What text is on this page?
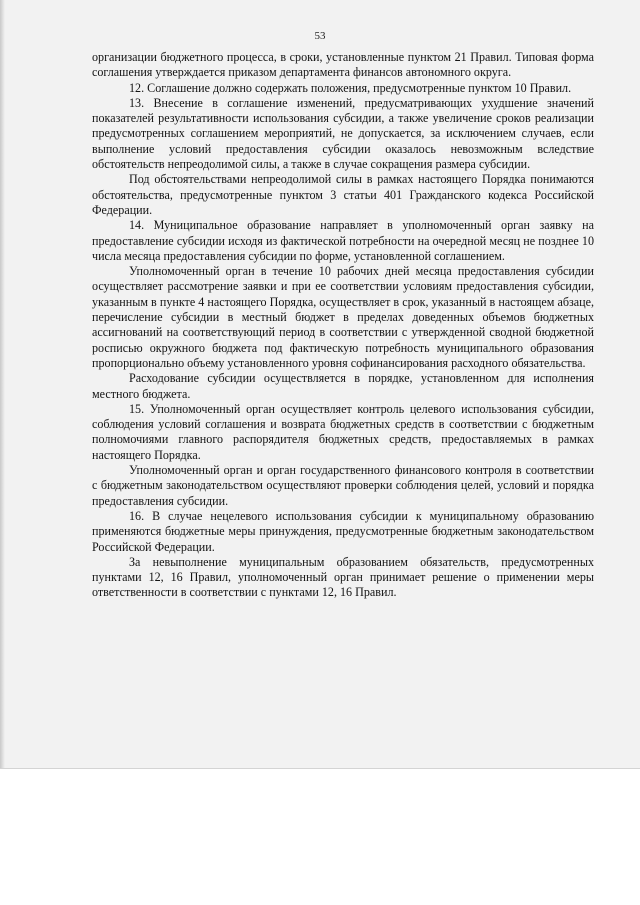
53

организации бюджетного процесса, в сроки, установленные пунктом 21 Правил. Типовая форма соглашения утверждается приказом департамента финансов автономного округа.

12. Соглашение должно содержать положения, предусмотренные пунктом 10 Правил.

13. Внесение в соглашение изменений, предусматривающих ухудшение значений показателей результативности использования субсидии, а также увеличение сроков реализации предусмотренных соглашением мероприятий, не допускается, за исключением случаев, если выполнение условий предоставления субсидии оказалось невозможным вследствие обстоятельств непреодолимой силы, а также в случае сокращения размера субсидии.

Под обстоятельствами непреодолимой силы в рамках настоящего Порядка понимаются обстоятельства, предусмотренные пунктом 3 статьи 401 Гражданского кодекса Российской Федерации.

14. Муниципальное образование направляет в уполномоченный орган заявку на предоставление субсидии исходя из фактической потребности на очередной месяц не позднее 10 числа месяца предоставления субсидии по форме, установленной соглашением.

Уполномоченный орган в течение 10 рабочих дней месяца предоставления субсидии осуществляет рассмотрение заявки и при ее соответствии условиям предоставления субсидии, указанным в пункте 4 настоящего Порядка, осуществляет в срок, указанный в настоящем абзаце, перечисление субсидии в местный бюджет в пределах доведенных объемов бюджетных ассигнований на соответствующий период в соответствии с утвержденной сводной бюджетной росписью окружного бюджета под фактическую потребность муниципального образования пропорционально объему установленного уровня софинансирования расходного обязательства.

Расходование субсидии осуществляется в порядке, установленном для исполнения местного бюджета.

15. Уполномоченный орган осуществляет контроль целевого использования субсидии, соблюдения условий соглашения и возврата бюджетных средств в соответствии с бюджетным полномочиями главного распорядителя бюджетных средств, предоставляемых в рамках настоящего Порядка.

Уполномоченный орган и орган государственного финансового контроля в соответствии с бюджетным законодательством осуществляют проверки соблюдения целей, условий и порядка предоставления субсидии.

16. В случае нецелевого использования субсидии к муниципальному образованию применяются бюджетные меры принуждения, предусмотренные бюджетным законодательством Российской Федерации.

За невыполнение муниципальным образованием обязательств, предусмотренных пунктами 12, 16 Правил, уполномоченный орган принимает решение о применении меры ответственности в соответствии с пунктами 12, 16 Правил.
